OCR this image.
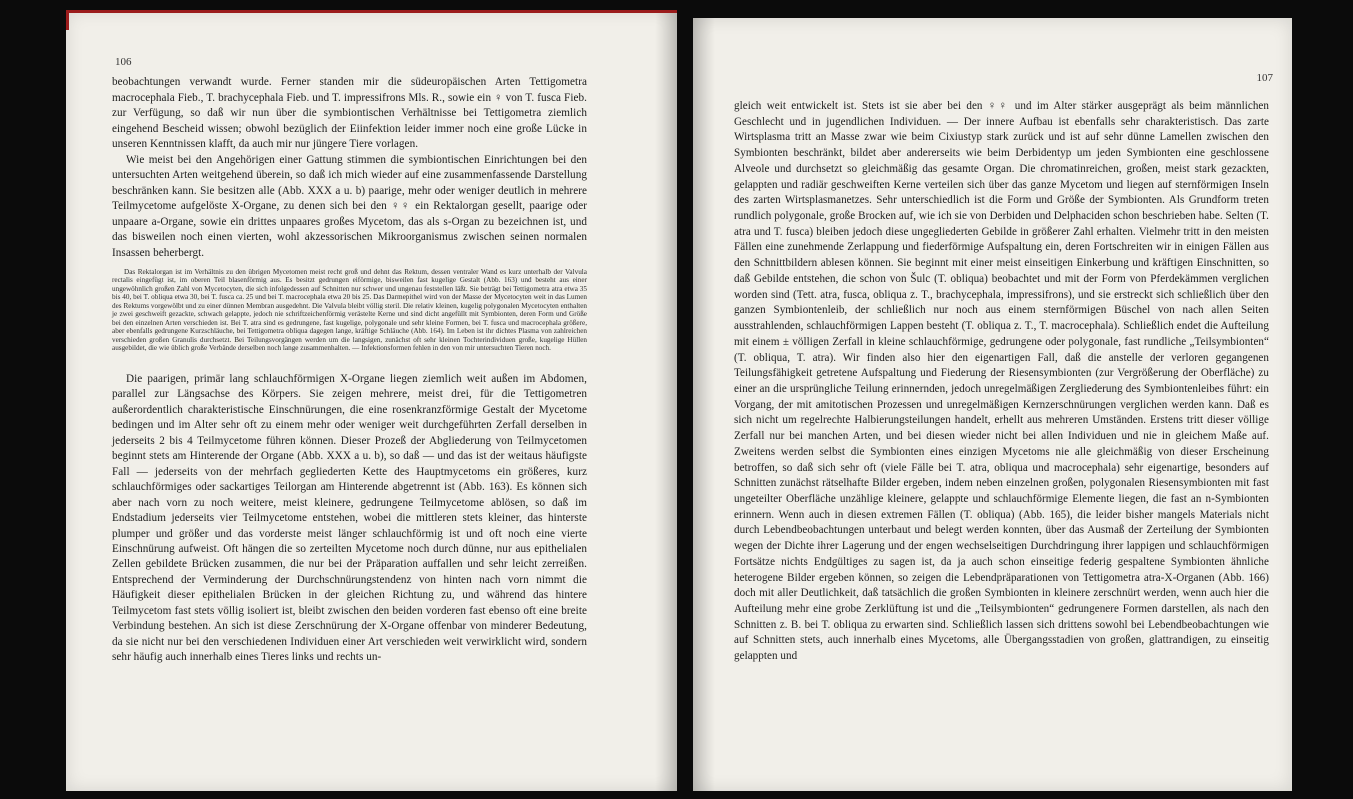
107

gleich weit entwickelt ist. Stets ist sie aber bei den ♀♀ und im Alter stärker ausgeprägt als beim männlichen Geschlecht und in jugendlichen Individuen. — Der innere Aufbau ist ebenfalls sehr charakteristisch. Das zarte Wirtsplasma tritt an Masse zwar wie beim Cixiustyp stark zurück und ist auf sehr dünne Lamellen zwischen den Symbionten beschränkt, bildet aber andererseits wie beim Derbidentyp um jeden Symbionten eine geschlossene Alveole und durchsetzt so gleichmäßig das gesamte Organ. Die chromatinreichen, großen, meist stark gezackten, gelappten und radiär geschweiften Kerne verteilen sich über das ganze Mycetom und liegen auf sternförmigen Inseln des zarten Wirtsplasmanetzes. Sehr unterschiedlich ist die Form und Größe der Symbionten. Als Grundform treten rundlich polygonale, große Brocken auf, wie ich sie von Derbiden und Delphaciden schon beschrieben habe. Selten (T. atra und T. fusca) bleiben jedoch diese ungegliederten Gebilde in größerer Zahl erhalten. Vielmehr tritt in den meisten Fällen eine zunehmende Zerlappung und fiederförmige Aufspaltung ein, deren Fortschreiten wir in einigen Fällen aus den Schnittbildern ablesen können. Sie beginnt mit einer meist einseitigen Einkerbung und kräftigen Einschnitten, so daß Gebilde entstehen, die schon von Šulc (T. obliqua) beobachtet und mit der Form von Pferdekämmen verglichen worden sind (Tett. atra, fusca, obliqua z. T., brachycephala, impressifrons), und sie erstreckt sich schließlich über den ganzen Symbiontenleib, der schließlich nur noch aus einem sternförmigen Büschel von nach allen Seiten ausstrahlenden, schlauchförmigen Lappen besteht (T. obliqua z. T., T. macrocephala). Schließlich endet die Aufteilung mit einem ± völligen Zerfall in kleine schlauchförmige, gedrungene oder polygonale, fast rundliche „Teilsymbionten“ (T. obliqua, T. atra). Wir finden also hier den eigenartigen Fall, daß die anstelle der verloren gegangenen Teilungsfähigkeit getretene Aufspaltung und Fiederung der Riesensymbionten (zur Vergrößerung der Oberfläche) zu einer an die ursprüngliche Teilung erinnernden, jedoch unregelmäßigen Zergliederung des Symbiontenleibes führt: ein Vorgang, der mit amitotischen Prozessen und unregelmäßigen Kernzerschnürungen verglichen werden kann. Daß es sich nicht um regelrechte Halbierungsteilungen handelt, erhellt aus mehreren Umständen. Erstens tritt dieser völlige Zerfall nur bei manchen Arten, und bei diesen wieder nicht bei allen Individuen und nie in gleichem Maße auf. Zweitens werden selbst die Symbionten eines einzigen Mycetoms nie alle gleichmäßig von dieser Erscheinung betroffen, so daß sich sehr oft (viele Fälle bei T. atra, obliqua und macrocephala) sehr eigenartige, besonders auf Schnitten zunächst rätselhafte Bilder ergeben, indem neben einzelnen großen, polygonalen Riesensymbionten mit fast ungeteilter Oberfläche unzählige kleinere, gelappte und schlauchförmige Elemente liegen, die fast an n-Symbionten erinnern. Wenn auch in diesen extremen Fällen (T. obliqua) (Abb. 165), die leider bisher mangels Materials nicht durch Lebendbeobachtungen unterbaut und belegt werden konnten, über das Ausmaß der Zerteilung der Symbionten wegen der Dichte ihrer Lagerung und der engen wechselseitigen Durchdringung ihrer lappigen und schlauchförmigen Fortsätze nichts Endgültiges zu sagen ist, da ja auch schon einseitige federig gespaltene Symbionten ähnliche heterogene Bilder ergeben können, so zeigen die Lebendpräparationen von Tettigometra atra-X-Organen (Abb. 166) doch mit aller Deutlichkeit, daß tatsächlich die großen Symbionten in kleinere zerschnürt werden, wenn auch hier die Aufteilung mehr eine grobe Zerklüftung ist und die „Teilsymbionten“ gedrungenere Formen darstellen, als nach den Schnitten z. B. bei T. obliqua zu erwarten sind. Schließlich lassen sich drittens sowohl bei Lebendbeobachtungen wie auf Schnitten stets, auch innerhalb eines Mycetoms, alle Übergangsstadien von großen, glattrandigen, zu einseitig gelappten und

106

beobachtungen verwandt wurde. Ferner standen mir die südeuropäischen Arten Tettigometra macrocephala Fieb., T. brachycephala Fieb. und T. impressifrons Mls. R., sowie ein ♀ von T. fusca Fieb. zur Verfügung, so daß wir nun über die symbiontischen Verhältnisse bei Tettigometra ziemlich eingehend Bescheid wissen; obwohl bezüglich der Eiinfektion leider immer noch eine große Lücke in unseren Kenntnissen klafft, da auch mir nur jüngere Tiere vorlagen.

Wie meist bei den Angehörigen einer Gattung stimmen die symbiontischen Einrichtungen bei den untersuchten Arten weitgehend überein, so daß ich mich wieder auf eine zusammenfassende Darstellung beschränken kann. Sie besitzen alle (Abb. XXX a u. b) paarige, mehr oder weniger deutlich in mehrere Teilmycetome aufgelöste X-Organe, zu denen sich bei den ♀♀ ein Rektalorgan gesellt, paarige oder unpaare a-Organe, sowie ein drittes unpaares großes Mycetom, das als s-Organ zu bezeichnen ist, und das bisweilen noch einen vierten, wohl akzessorischen Mikroorganismus zwischen seinen normalen Insassen beherbergt.

Das Rektalorgan ist im Verhältnis zu den übrigen Mycetomen meist recht groß und dehnt das Rektum, dessen ventraler Wand es kurz unterhalb der Valvula rectalis eingefügt ist, im oberen Teil blasenförmig aus. Es besitzt gedrungen eiförmige, bisweilen fast kugelige Gestalt (Abb. 163) und besteht aus einer ungewöhnlich großen Zahl von Mycetocyten, die sich infolgedessen auf Schnitten nur schwer und ungenau feststellen läßt. Sie beträgt bei Tettigometra atra etwa 35 bis 40, bei T. obliqua etwa 30, bei T. fusca ca. 25 und bei T. macrocephala etwa 20 bis 25. Das Darmepithel wird von der Masse der Mycetocyten weit in das Lumen des Rektums vorgewölbt und zu einer dünnen Membran ausgedehnt. Die Valvula bleibt völlig steril. Die relativ kleinen, kugelig polygonalen Mycetocyten enthalten je zwei geschweift gezackte, schwach gelappte, jedoch nie schriftzeichenförmig verästelte Kerne und sind dicht angefüllt mit Symbionten, deren Form und Größe bei den einzelnen Arten verschieden ist. Bei T. atra sind es gedrungene, fast kugelige, polygonale und sehr kleine Formen, bei T. fusca und macrocephala größere, aber ebenfalls gedrungene Kurzschläuche, bei Tettigometra obliqua dagegen lange, kräftige Schläuche (Abb. 164). Im Leben ist ihr dichtes Plasma von zahlreichen verschieden großen Granulis durchsetzt. Bei Teilungsvorgängen werden um die langsigen, zunächst oft sehr kleinen Tochterindividuen große, kugelige Hüllen ausgebildet, die wie üblich große Verbände derselben noch lange zusammenhalten. — Infektionsformen fehlen in den von mir untersuchten Tieren noch.

Die paarigen, primär lang schlauchförmigen X-Organe liegen ziemlich weit außen im Abdomen, parallel zur Längsachse des Körpers. Sie zeigen mehrere, meist drei, für die Tettigometren außerordentlich charakteristische Einschnürungen, die eine rosenkranzförmige Gestalt der Mycetome bedingen und im Alter sehr oft zu einem mehr oder weniger weit durchgeführten Zerfall derselben in jederseits 2 bis 4 Teilmycetome führen können. Dieser Prozeß der Abgliederung von Teilmycetomen beginnt stets am Hinterende der Organe (Abb. XXX a u. b), so daß — und das ist der weitaus häufigste Fall — jederseits von der mehrfach gegliederten Kette des Hauptmycetoms ein größeres, kurz schlauchförmiges oder sackartiges Teilorgan am Hinterende abgetrennt ist (Abb. 163). Es können sich aber nach vorn zu noch weitere, meist kleinere, gedrungene Teilmycetome ablösen, so daß im Endstadium jederseits vier Teilmycetome entstehen, wobei die mittleren stets kleiner, das hinterste plumper und größer und das vorderste meist länger schlauchförmig ist und oft noch eine vierte Einschnürung aufweist. Oft hängen die so zerteilten Mycetome noch durch dünne, nur aus epithelialen Zellen gebildete Brücken zusammen, die nur bei der Präparation auffallen und sehr leicht zerreißen. Entsprechend der Verminderung der Durchschnürungstendenz von hinten nach vorn nimmt die Häufigkeit dieser epithelialen Brücken in der gleichen Richtung zu, und während das hintere Teilmycetom fast stets völlig isoliert ist, bleibt zwischen den beiden vorderen fast ebenso oft eine breite Verbindung bestehen. An sich ist diese Zerschnürung der X-Organe offenbar von minderer Bedeutung, da sie nicht nur bei den verschiedenen Individuen einer Art verschieden weit verwirklicht wird, sondern sehr häufig auch innerhalb eines Tieres links und rechts un-
